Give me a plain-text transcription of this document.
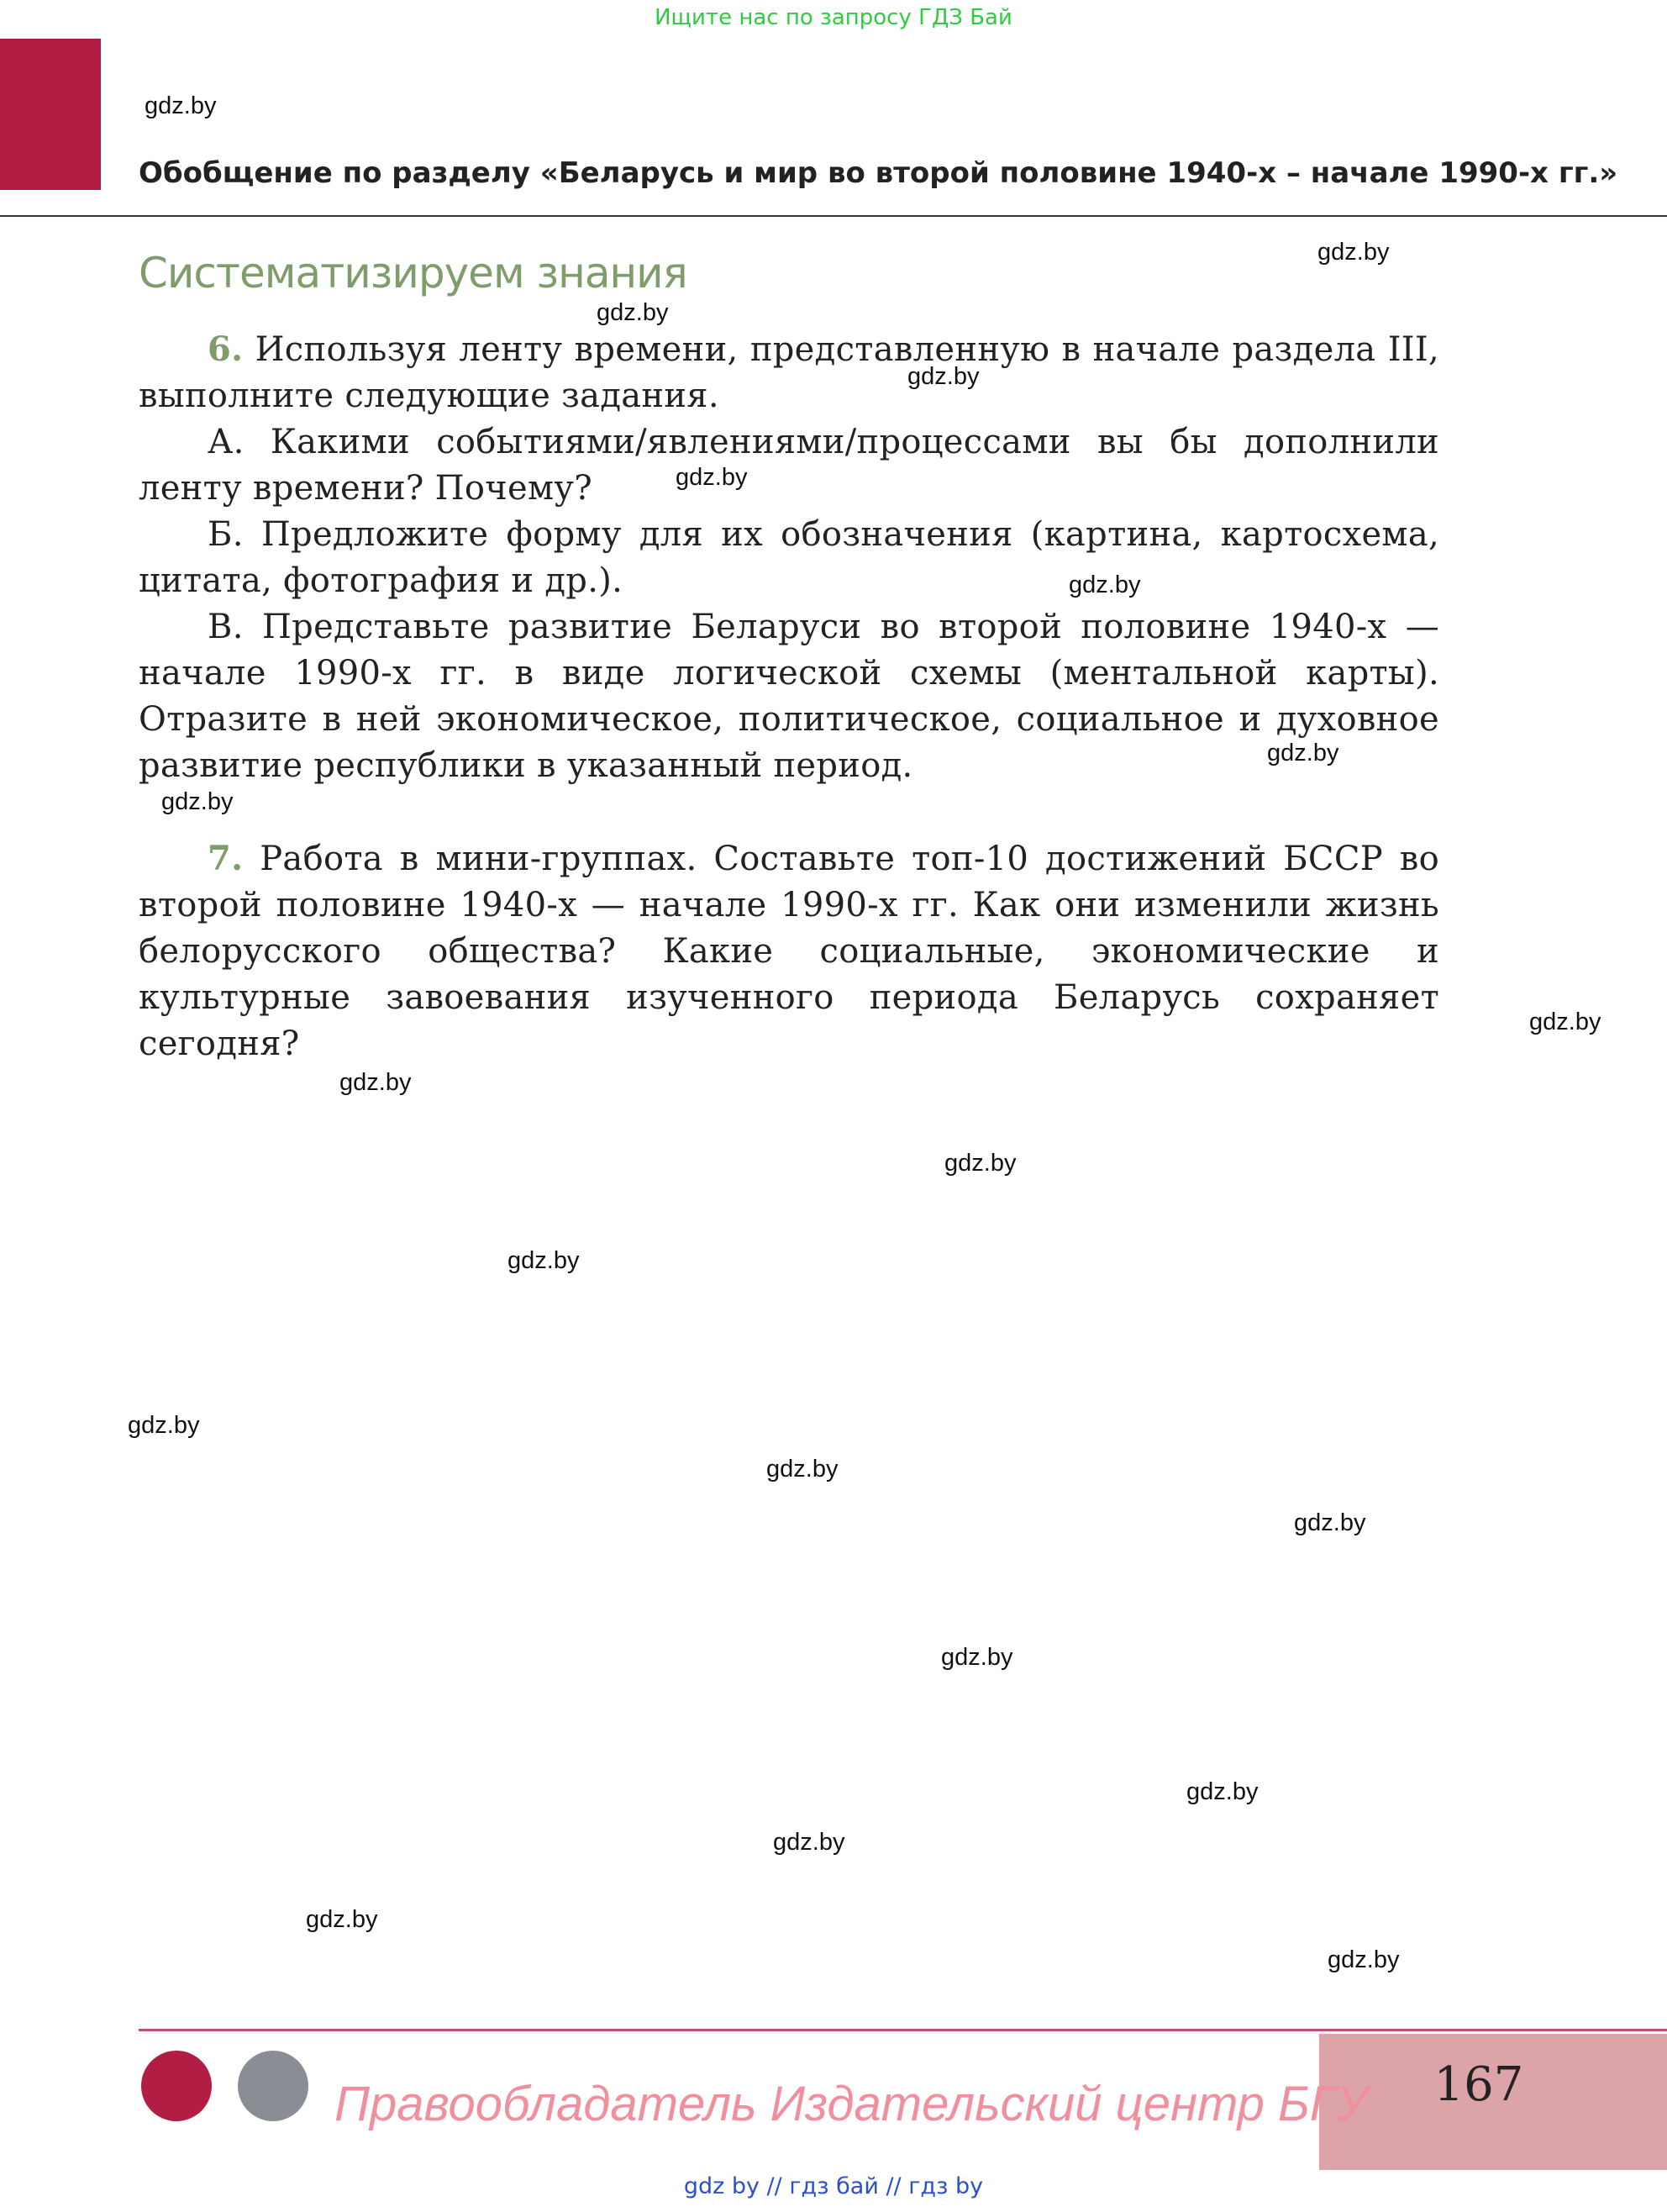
Ищите нас по запросу ГДЗ Бай
Обобщение по разделу «Беларусь и мир во второй половине 1940-х – начале 1990-х гг.»
Систематизируем знания

6. Используя ленту времени, представленную в начале раздела III, выполните следующие задания.

А. Какими событиями/явлениями/процессами вы бы дополнили ленту времени? Почему?

Б. Предложите форму для их обозначения (картина, картосхема, цитата, фотография и др.).

В. Представьте развитие Беларуси во второй половине 1940-х — начале 1990-х гг. в виде логической схемы (ментальной карты). Отразите в ней экономическое, политическое, социальное и духовное развитие республики в указанный период.

7. Работа в мини-группах. Составьте топ-10 достижений БССР во второй половине 1940-х — начале 1990-х гг. Как они изменили жизнь белорусского общества? Какие социальные, экономические и культурные завоевания изученного периода Беларусь сохраняет сегодня?

gdz.by
gdz.by
gdz.by
gdz.by
gdz.by
gdz.by
gdz.by
gdz.by
gdz.by
gdz.by
gdz.by
gdz.by
gdz.by
gdz.by
gdz.by
gdz.by
gdz.by
gdz.by
gdz.by
gdz.by
Правообладатель Издательский центр БГУ	167
gdz by // гдз бай // гдз by
